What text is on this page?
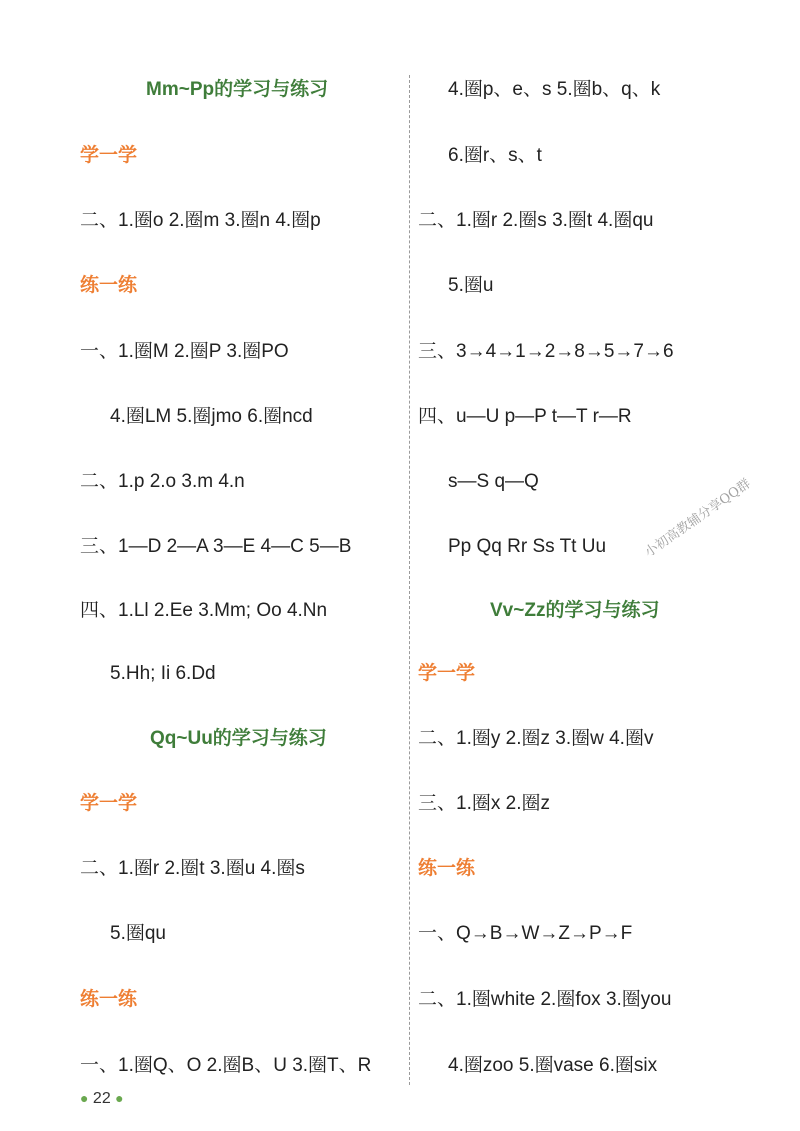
Mm~Pp的学习与练习
学一学
二、1.圈o 2.圈m 3.圈n 4.圈p
练一练
一、1.圈M 2.圈P 3.圈PO
4.圈LM 5.圈jmo 6.圈ncd
二、1.p 2.o 3.m 4.n
三、1—D 2—A 3—E 4—C 5—B
四、1.Ll 2.Ee 3.Mm; Oo 4.Nn
5.Hh; Ii 6.Dd
Qq~Uu的学习与练习
学一学
二、1.圈r 2.圈t 3.圈u 4.圈s
5.圈qu
练一练
一、1.圈Q、O 2.圈B、U 3.圈T、R
4.圈p、e、s 5.圈b、q、k
6.圈r、s、t
二、1.圈r 2.圈s 3.圈t 4.圈qu
5.圈u
三、3→4→1→2→8→5→7→6
四、u—U p—P t—T r—R
s—S q—Q
Pp Qq Rr Ss Tt Uu
Vv~Zz的学习与练习
学一学
二、1.圈y 2.圈z 3.圈w 4.圈v
三、1.圈x 2.圈z
练一练
一、Q→B→W→Z→P→F
二、1.圈white 2.圈fox 3.圈you
4.圈zoo 5.圈vase 6.圈six
小初高教辅分享QQ群
● 22 ●
